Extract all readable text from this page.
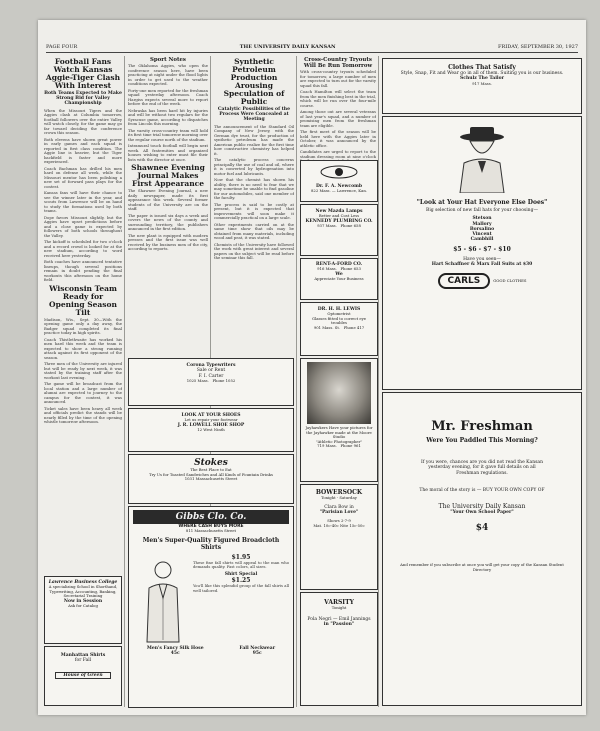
PAGE FOUR	THE UNIVERSITY DAILY KANSAN	FRIDAY, SEPTEMBER 30, 1927
Football Fans Watch Kansas Aggie-Tiger Clash With Interest
Both Teams Expected to Make Strong Bid for Valley Championship

When the Missouri Tigers and the Aggies clash at Columbia tomorrow, football followers over the entire Valley will watch closely, for the game may go far toward deciding the conference crown this season.

Both elevens have shown great power in early games and each squad is reported in first class condition. The Aggie line is heavier, but the Tiger backfield is faster and more experienced.

Coach Bachman has drilled his men hard on defense all week, while the Missouri mentor has been polishing a new set of forward pass plays for the contest.

Kansas fans will have their chance to see the winner later in the year, and scouts from Lawrence will be on hand to study the formations used by both teams.

Dope favors Missouri slightly, but the Aggies have upset predictions before and a close game is expected by followers of both schools throughout the Valley.

The kickoff is scheduled for two o'clock and a record crowd is looked for at the new stadium, according to word received here yesterday.

Both coaches have announced tentative lineups, though several positions remain in doubt pending the final workouts this afternoon on the home field.

Wisconsin Team Ready for Opening Season Tilt

Madison, Wis., Sept. 30—With the opening game only a day away, the Badger squad completed its final practice today in high spirits.

Coach Thistlethwaite has worked his men hard this week and the team is expected to show a strong running attack against its first opponent of the season.

Three men of the University are injured but will be ready by next week, it was stated by the training staff after the workout last evening.

The game will be broadcast from the local station and a large number of alumni are expected to journey to the campus for the contest, it was announced.

Ticket sales have been heavy all week and officials predict the stands will be nearly filled by the time of the opening whistle tomorrow afternoon.

Sport Notes

The Oklahoma Aggies, who open the conference season here, have been practicing at night under the flood lights in order to get used to the weather conditions expected.

Forty-one men reported for the freshman squad yesterday afternoon. Coach Hargiss expects several more to report before the end of the week.

Nebraska has been hard hit by injuries and will be without two regulars for the Syracuse game, according to dispatches from Lincoln this morning.

The varsity cross-country team will hold its first time trial tomorrow morning over the regular course north of the stadium.

Intramural touch football will begin next week. All fraternities and organized houses wishing to enter must file their lists with the director at once.

Shawnee Evening Journal Makes First Appearance

The Shawnee Evening Journal, a new daily newspaper, made its first appearance this week. Several former students of the University are on the staff.

The paper is issued six days a week and covers the news of the county and surrounding territory, the publishers announced in the first edition.

The new plant is equipped with modern presses and the first issue was well received by the business men of the city, according to reports.

Synthetic Petroleum Production Arousing Speculation of Public
Catalytic Possibilities of the Process Were Concealed at Meeting

The announcement of the Standard Oil Company of New Jersey, with the German dye trust, for the production of synthetic petroleum has made the American public realize for the first time how constructive chemistry has helped it.

The catalytic process concerns principally the use of coal and oil, where it is converted by hydrogenation into motor fuel and lubricants.

Now that the chemist has shown his ability, there is no need to fear that we may sometime be unable to find gasoline for our automobiles, said one member of the faculty.

The process is said to be costly at present, but it is expected that improvements will soon make it commercially practical on a large scale.

Other experiments carried on at the same time show that oils may be obtained from many materials, including wood and peat, it was stated.

Chemists of the University have followed the work with great interest and several papers on the subject will be read before the seminar this fall.

Cross-Country Tryouts Will Be Run Tomorrow

With cross-country tryouts scheduled for tomorrow, a large number of men are expected to turn out for the varsity squad this fall.

Coach Hamilton will select the team from the men finishing best in the trial, which will be run over the four-mile course.

Among those out are several veterans of last year's squad, and a number of promising men from the freshman team are eligible.

The first meet of the season will be held here with the Aggies later in October, it was announced by the athletic office.

Candidates are urged to report to the stadium dressing room at nine o'clock

Corona Typewriters
Sale or Rent
F. I. Carter
1025 Mass. Phone 1052
LOOK AT YOUR SHOES
Let us repair your footwear
J. R. LOWELL SHOE SHOP
12 West Ninth
Stokes
The Best Place to Eat
Try Us for Toasted Sandwiches and All Kinds of Fountain Drinks
1031 Massachusetts Street
Gibbs Clo. Co.
WHERE CASH BUYS MORE
811 Massachusetts Street
Men's Super-Quality Figured Broadcloth Shirts
$1.95

These fine fall shirts will appeal to the man who demands quality. Fast colors, all sizes.

Shirt Special
$1.25

You'll like this splendid group of the fall shirts all well tailored.

Men's Fancy Silk Hose
45c
Fall Neckwear
95c
Lawrence Business College
A specializing School in Shorthand, Typewriting, Accounting, Banking, Secretarial Training
Now in Session
Ask for Catalog
Manhattan Shirts
for Fall
House of Green
Dr. F. A. Newcomb
822 Mass. — Lawrence, Kan.
New Mazda Lamps
Better and Cost Less
KENNEDY PLUMBING CO.
937 Mass. Phone 658
RENT-A-FORD CO.
916 Mass. Phone 653
We
Appreciate Your Business
DR. H. H. LEWIS
Optometrist
Glasses fitted to correct eye troubles
901 Mass. St. Phone 417
Jayhawkers Have your pictures for the Jayhawker made at the Moore Studio
"Athletic Photographer"
719 Mass. Phone 961
BOWERSOCK
Tonight - Saturday
Clara Bow in
"Parisian Love"
Shows 2-7-9
Mat. 10c-40c Nite 15c-50c
VARSITY
Tonight
Pola Negri — Emil Jannings
in "Passion"
Clothes That Satisfy
Style, Snap, Fit and Wear go in all of them. Suiting you is our business.
Schulz The Tailor
917 Mass.
"Look at Your Hat Everyone Else Does"
Big selection of new fall hats for your choosing—
Stetson
Mallory
Borsalino
Vincent
Cambhill
$5 - $6 - $7 - $10
Have you seen—
Hart Schaffner & Marx Fall Suits at $30
CARLS	GOOD CLOTHES
Mr. Freshman
Were You Paddled This Morning?
If you were, chances are you did not read the Kansan yesterday evening, for it gave full details on all Freshman regulations.
The moral of the story is — BUY YOUR OWN COPY OF
The University Daily Kansan
"Your Own School Paper"
$4
And remember if you subscribe at once you will get your copy of the Kansan Student Directory
